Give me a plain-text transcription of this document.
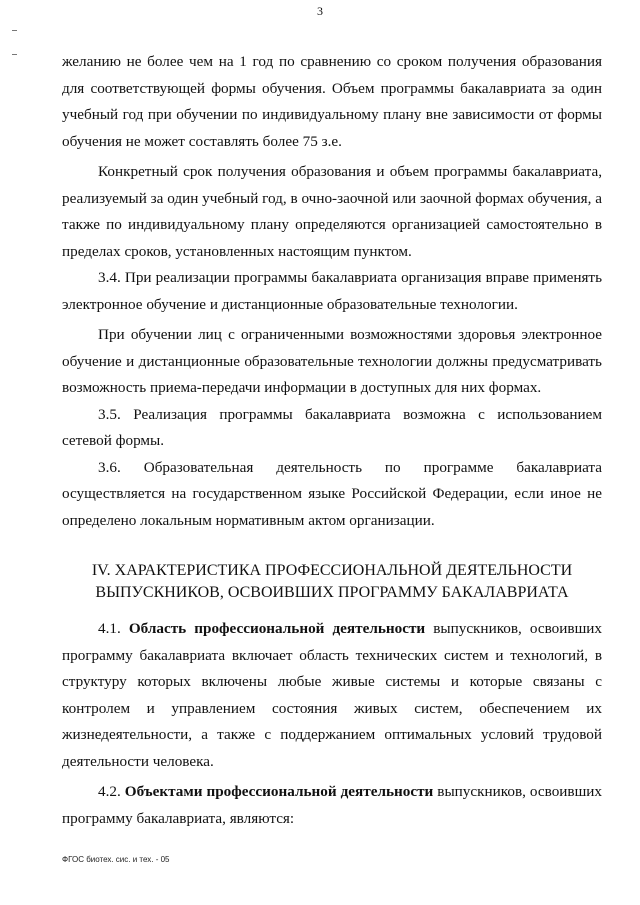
3

желанию не более чем на 1 год по сравнению со сроком получения образования для соответствующей формы обучения. Объем программы бакалавриата за один учебный год при обучении по индивидуальному плану вне зависимости от формы обучения не может составлять более 75 з.е.

Конкретный срок получения образования и объем программы бакалавриата, реализуемый за один учебный год, в очно-заочной или заочной формах обучения, а также по индивидуальному плану определяются организацией самостоятельно в пределах сроков, установленных настоящим пунктом.

3.4. При реализации программы бакалавриата организация вправе применять электронное обучение и дистанционные образовательные технологии.

При обучении лиц с ограниченными возможностями здоровья электронное обучение и дистанционные образовательные технологии должны предусматривать возможность приема-передачи информации в доступных для них формах.

3.5. Реализация программы бакалавриата возможна с использованием сетевой формы.

3.6. Образовательная деятельность по программе бакалавриата осуществляется на государственном языке Российской Федерации, если иное не определено локальным нормативным актом организации.

IV. ХАРАКТЕРИСТИКА ПРОФЕССИОНАЛЬНОЙ ДЕЯТЕЛЬНОСТИ
ВЫПУСКНИКОВ, ОСВОИВШИХ ПРОГРАММУ БАКАЛАВРИАТА

4.1. Область профессиональной деятельности выпускников, освоивших программу бакалавриата включает область технических систем и технологий, в структуру которых включены любые живые системы и которые связаны с контролем и управлением состояния живых систем, обеспечением их жизнедеятельности, а также с поддержанием оптимальных условий трудовой деятельности человека.

4.2. Объектами профессиональной деятельности выпускников, освоивших программу бакалавриата, являются:

ФГОС биотех. сис. и тех. - 05
